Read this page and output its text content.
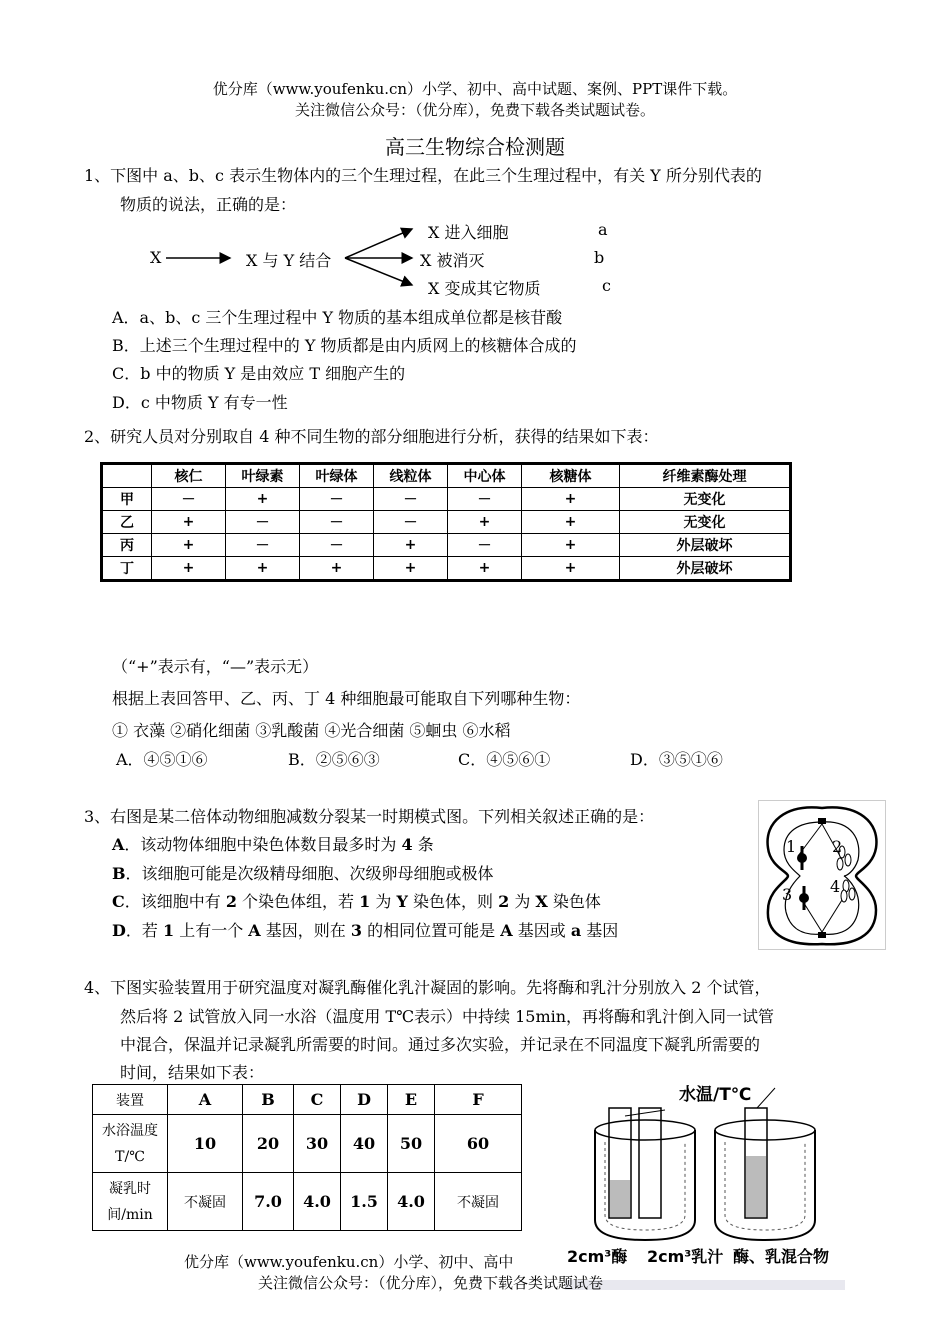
优分库（www.youfenku.cn）小学、初中、高中试题、案例、PPT课件下载。
关注微信公众号：（优分库），免费下载各类试题试卷。
高三生物综合检测题
1、下图中 a、b、c 表示生物体内的三个生理过程，在此三个生理过程中，有关 Y 所分别代表的
物质的说法，正确的是：
X	X 与 Y 结合
X 进入细胞
X 被消灭
X 变成其它物质
a
b
c
A．a、b、c 三个生理过程中 Y 物质的基本组成单位都是核苷酸
B．上述三个生理过程中的 Y 物质都是由内质网上的核糖体合成的
C．b 中的物质 Y 是由效应 T 细胞产生的
D．c 中物质 Y 有专一性
2、研究人员对分别取自 4 种不同生物的部分细胞进行分析，获得的结果如下表：
	核仁	叶绿素	叶绿体	线粒体	中心体	核糖体	纤维素酶处理
甲	－	+	－	－	－	+	无变化
乙	+	－	－	－	+	+	无变化
丙	+	－	－	+	－	+	外层破坏
丁	+	+	+	+	+	+	外层破坏
（“+”表示有，“—”表示无）
根据上表回答甲、乙、丙、丁 4 种细胞最可能取自下列哪种生物：
① 衣藻 ②硝化细菌 ③乳酸菌 ④光合细菌 ⑤蛔虫 ⑥水稻
A．④⑤①⑥	B．②⑤⑥③	C．④⑤⑥①	D．③⑤①⑥
3、右图是某二倍体动物细胞减数分裂某一时期模式图。下列相关叙述正确的是：
A．该动物体细胞中染色体数目最多时为 4 条
B．该细胞可能是次级精母细胞、次级卵母细胞或极体
C．该细胞中有 2 个染色体组，若 1 为 Y 染色体，则 2 为 X 染色体
D．若 1 上有一个 A 基因，则在 3 的相同位置可能是 A 基因或 a 基因
1 2
3 4
4、下图实验装置用于研究温度对凝乳酶催化乳汁凝固的影响。先将酶和乳汁分别放入 2 个试管，
然后将 2 试管放入同一水浴（温度用 T℃表示）中持续 15min，再将酶和乳汁倒入同一试管
中混合，保温并记录凝乳所需要的时间。通过多次实验，并记录在不同温度下凝乳所需要的
时间，结果如下表：
装置	A	B	C	D	E	F
水浴温度 T/℃	10	20	30	40	50	60
凝乳时间/min	不凝固	7.0	4.0	1.5	4.0	不凝固
水温/T℃
2cm³酶 2cm³乳汁 酶、乳混合物
优分库（www.youfenku.cn）小学、初中、高中
关注微信公众号：（优分库），免费下载各类试题试卷
